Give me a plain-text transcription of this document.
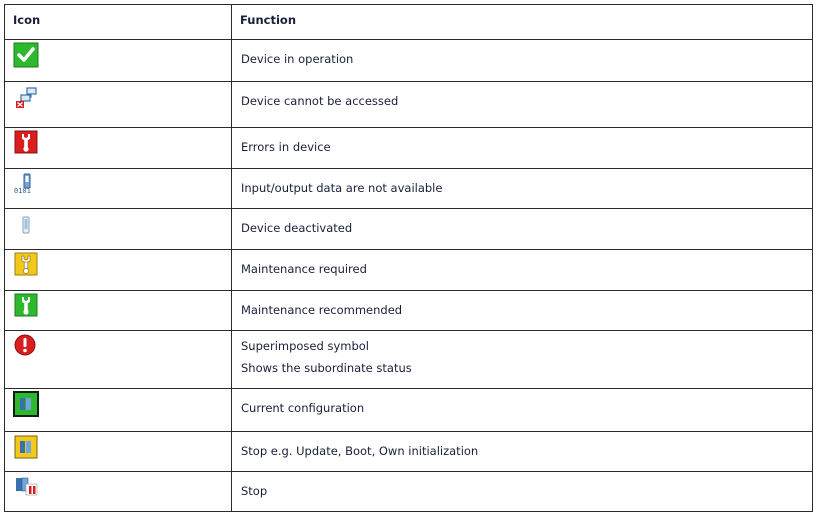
Icon	Function

Device in operation

Device cannot be accessed

Errors in device

0101	Input/output data are not available

Device deactivated

Maintenance required

Maintenance recommended

Superimposed symbol
Shows the subordinate status

Current configuration

Stop e.g. Update, Boot, Own initialization

Stop
